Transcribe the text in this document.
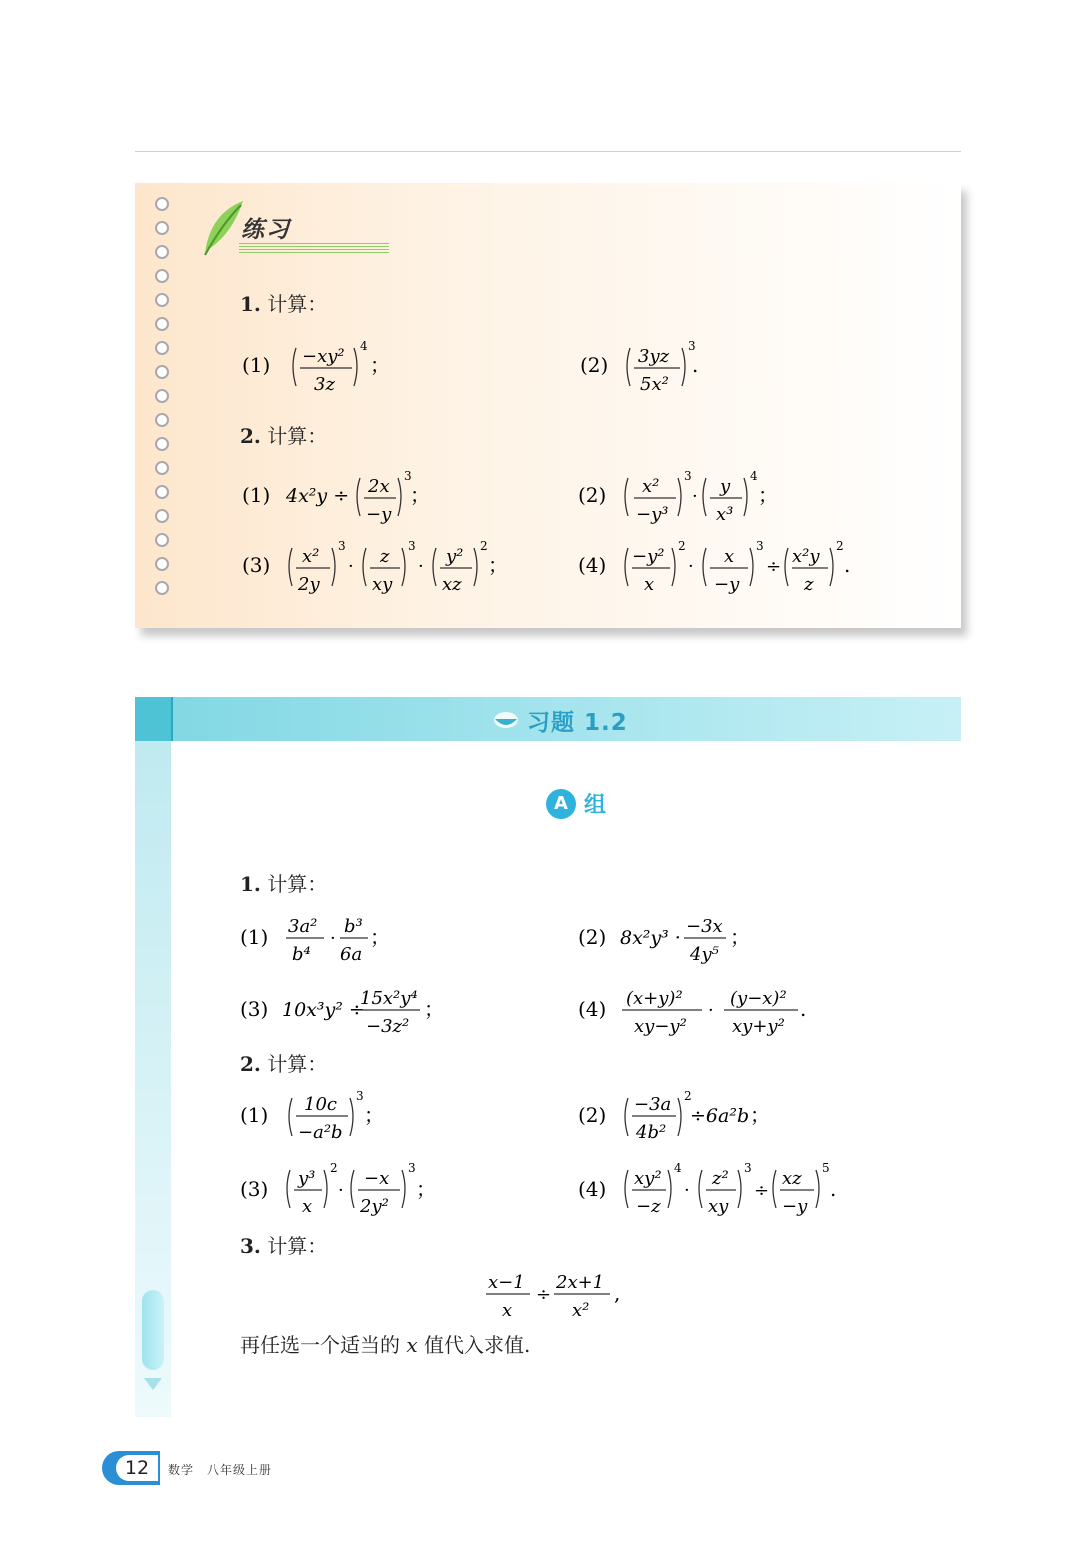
练习
1. 计算：
(1) −xy²
3z
4
；	(2) 3yz
5x²
3
.
2. 计算：
(1) 4x²y ÷ 2x
−y
3
；	(2) x²
−y³
3
· y
x³
4
；
(3) x²
2y
3
· z
xy
3
· y²
xz
2
；	(4) −y²
x
2
· x
−y
3
÷ x²y
z
2
.
习题 1.2
A 组
1. 计算：
(1) 3a²
b⁴
·
b³
6a
；	(2) 8x²y³ ·
−3x
4y⁵
；
(3) 10x³y² ÷
15x²y⁴
−3z²
；	(4) (x+y)²
xy−y²
·
(y−x)²
xy+y²
.
2. 计算：
(1) 10c
−a²b
3
；	(2) −3a
4b²
2
÷6a²b ；
(3) y³
x
2
·
−x
2y²
3
；	(4) xy²
−z
4
·
z²
xy
3
÷
xz
−y
5
.
3. 计算：
x−1
x
÷
2x+1
x²
,
再任选一个适当的 x 值代入求值.
12	数学　八年级上册
